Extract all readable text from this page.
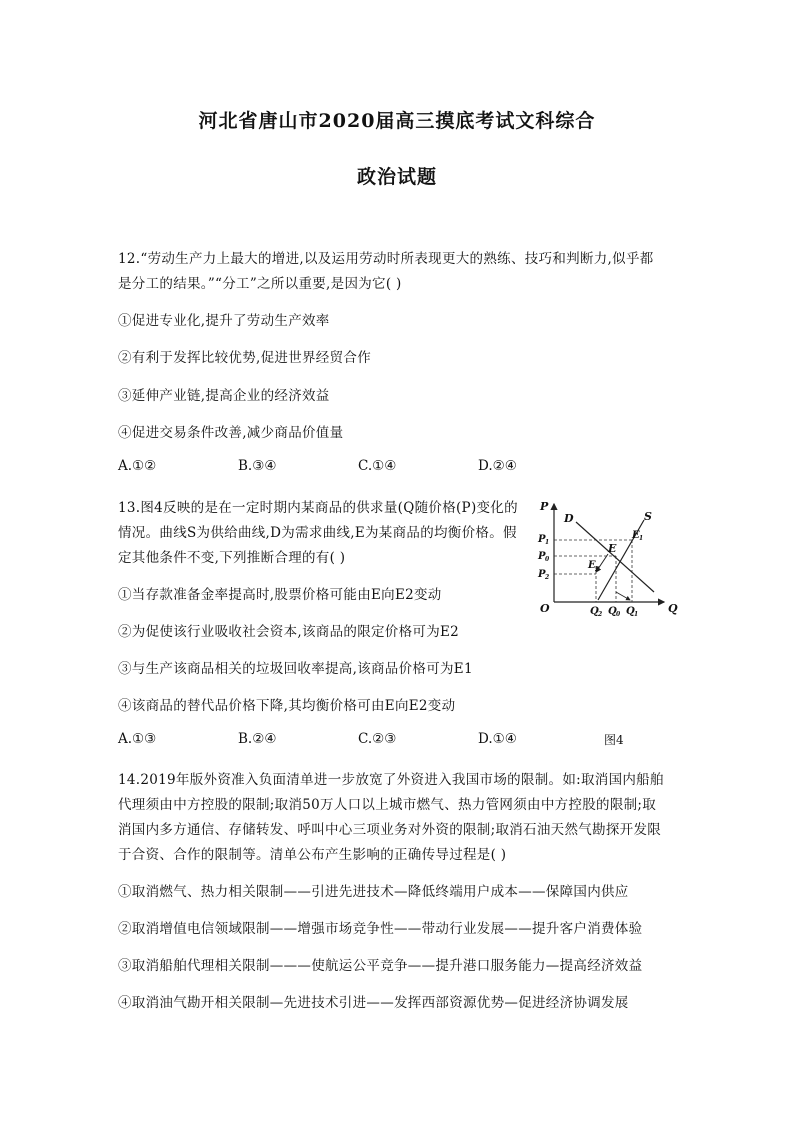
河北省唐山市2020届高三摸底考试文科综合
政治试题
12.“劳动生产力上最大的增进,以及运用劳动时所表现更大的熟练、技巧和判断力,似乎都
是分工的结果。”“分工”之所以重要,是因为它( )
①促进专业化,提升了劳动生产效率
②有利于发挥比较优势,促进世界经贸合作
③延伸产业链,提高企业的经济效益
④促进交易条件改善,减少商品价值量
A.①②	B.③④	C.①④	D.②④
13.图4反映的是在一定时期内某商品的供求量(Q随价格(P)变化的
情况。曲线S为供给曲线,D为需求曲线,E为某商品的均衡价格。假
定其他条件不变,下列推断合理的有( )
①当存款准备金率提高时,股票价格可能由E向E2变动
②为促使该行业吸收社会资本,该商品的限定价格可为E2
③与生产该商品相关的垃圾回收率提高,该商品价格可为E1
④该商品的替代品价格下降,其均衡价格可由E向E2变动
A.①③	B.②④	C.②③	D.①④	图4
P
D	S
O	Q
E
P 1
P 0
P 2
Q 2 Q 0 Q 1
E 1
E 2
14.2019年版外资准入负面清单进一步放宽了外资进入我国市场的限制。如:取消国内船舶
代理须由中方控股的限制;取消50万人口以上城市燃气、热力管网须由中方控股的限制;取
消国内多方通信、存储转发、呼叫中心三项业务对外资的限制;取消石油天然气勘探开发限
于合资、合作的限制等。清单公布产生影响的正确传导过程是( )
①取消燃气、热力相关限制——引进先进技术—降低终端用户成本——保障国内供应
②取消增值电信领域限制——增强市场竞争性——带动行业发展——提升客户消费体验
③取消船舶代理相关限制———使航运公平竞争——提升港口服务能力—提高经济效益
④取消油气勘开相关限制—先进技术引进——发挥西部资源优势—促进经济协调发展
